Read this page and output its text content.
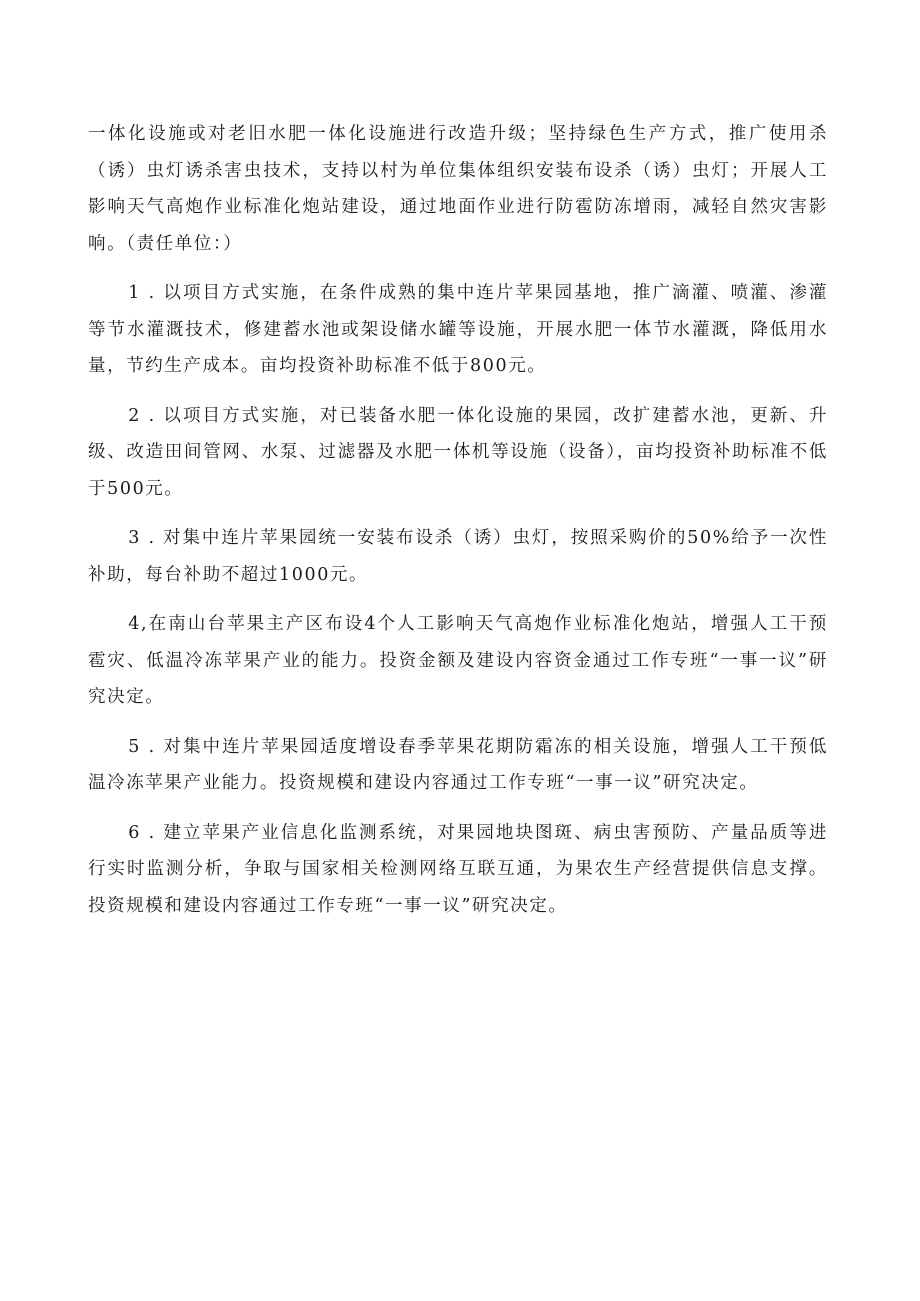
一体化设施或对老旧水肥一体化设施进行改造升级；坚持绿色生产方式，推广使用杀（诱）虫灯诱杀害虫技术，支持以村为单位集体组织安装布设杀（诱）虫灯；开展人工影响天气高炮作业标准化炮站建设，通过地面作业进行防雹防冻增雨，减轻自然灾害影响。（责任单位：）

1 . 以项目方式实施，在条件成熟的集中连片苹果园基地，推广滴灌、喷灌、渗灌等节水灌溉技术，修建蓄水池或架设储水罐等设施，开展水肥一体节水灌溉，降低用水量，节约生产成本。亩均投资补助标准不低于800元。

2 . 以项目方式实施，对已装备水肥一体化设施的果园，改扩建蓄水池，更新、升级、改造田间管网、水泵、过滤器及水肥一体机等设施（设备），亩均投资补助标准不低于500元。

3 . 对集中连片苹果园统一安装布设杀（诱）虫灯，按照采购价的50%给予一次性补助，每台补助不超过1000元。

4,在南山台苹果主产区布设4个人工影响天气高炮作业标准化炮站，增强人工干预雹灾、低温冷冻苹果产业的能力。投资金额及建设内容资金通过工作专班“一事一议”研究决定。

5 . 对集中连片苹果园适度增设春季苹果花期防霜冻的相关设施，增强人工干预低温冷冻苹果产业能力。投资规模和建设内容通过工作专班“一事一议”研究决定。

6 . 建立苹果产业信息化监测系统，对果园地块图斑、病虫害预防、产量品质等进行实时监测分析，争取与国家相关检测网络互联互通，为果农生产经营提供信息支撑。投资规模和建设内容通过工作专班“一事一议”研究决定。
